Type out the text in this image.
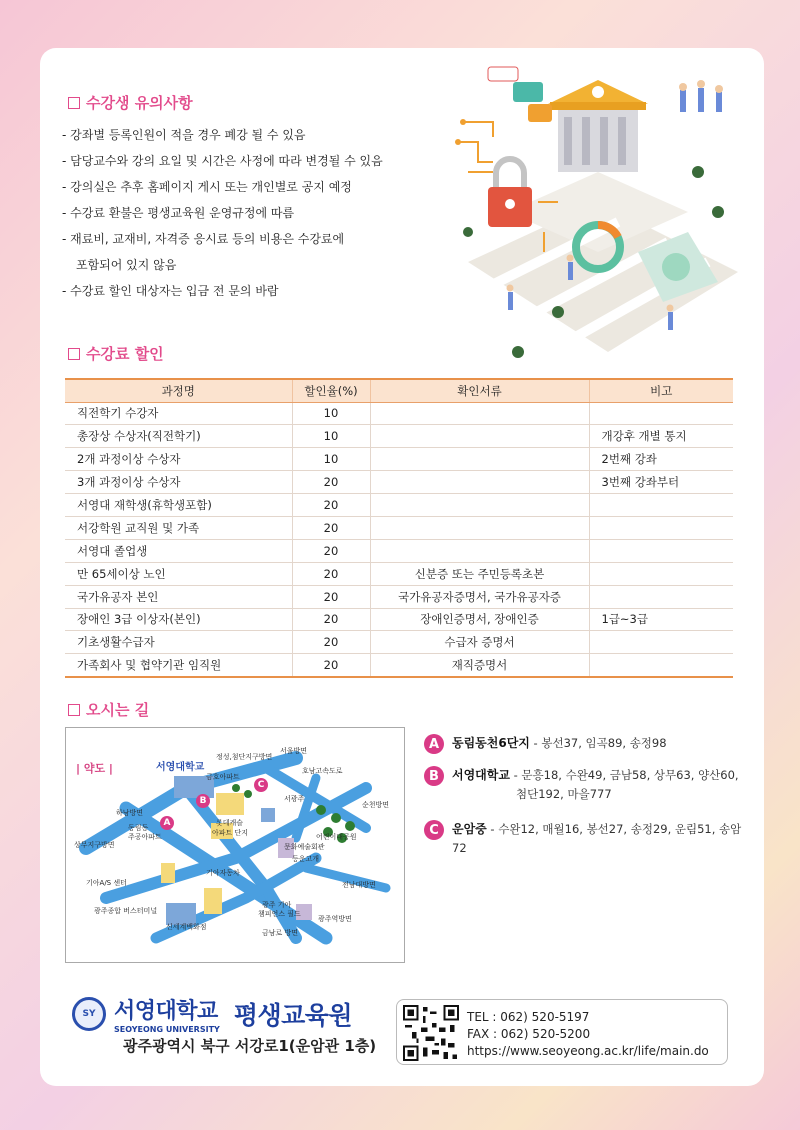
수강생 유의사항
- 강좌별 등록인원이 적을 경우 폐강 될 수 있음
- 담당교수와 강의 요일 및 시간은 사정에 따라 변경될 수 있음
- 강의실은 추후 홈페이지 게시 또는 개인별로 공지 예정
- 수강료 환불은 평생교육원 운영규정에 따름
- 재료비, 교재비, 자격증 응시료 등의 비용은 수강료에
포함되어 있지 않음
- 수강료 할인 대상자는 입금 전 문의 바람
수강료 할인
과정명	할인율(%)	확인서류	비고
직전학기 수강자	10		
총장상 수상자(직전학기)	10		개강후 개별 통지
2개 과정이상 수상자	10		2번째 강좌
3개 과정이상 수상자	20		3번째 강좌부터
서영대 재학생(휴학생포함)	20		
서강학원 교직원 및 가족	20		
서영대 졸업생	20		
만 65세이상 노인	20	신분증 또는 주민등록초본	
국가유공자 본인	20	국가유공자증명서, 국가유공자증	
장애인 3급 이상자(본인)	20	장애인증명서, 장애인증	1급~3급
기초생활수급자	20	수급자 증명서	
가족회사 및 협약기관 임직원	20	재직증명서	
오시는 길
| 약도 |	서영대학교
서울방면
호남고속도로
정성,첨단지구방면
금호아파트
서광주
순천방면
하남방면
롯데캐슬
아파트 단지	어린이대공원
동림동
주공아파트
문화예술회관
상무지구방면
등운고개
기아자동차
기아A/S 센터	전남대방면
광주 기아
챔피언스 필드
광주종합 버스터미널
광주역방면
신세계백화점
금남로 방면
A
B
C
A	동림동천6단지 - 봉선37, 임곡89, 송정98
B	서영대학교 - 문흥18, 수완49, 금남58, 상무63, 양산60,
첨단192, 마을777
C	운암중 - 수완12, 매월16, 봉선27, 송정29, 운림51, 송암72
SY 서영대학교
SEOYEONG UNIVERSITY 평생교육원
광주광역시 북구 서강로1(운암관 1층)
TEL : 062) 520-5197
FAX : 062) 520-5200
https://www.seoyeong.ac.kr/life/main.do
